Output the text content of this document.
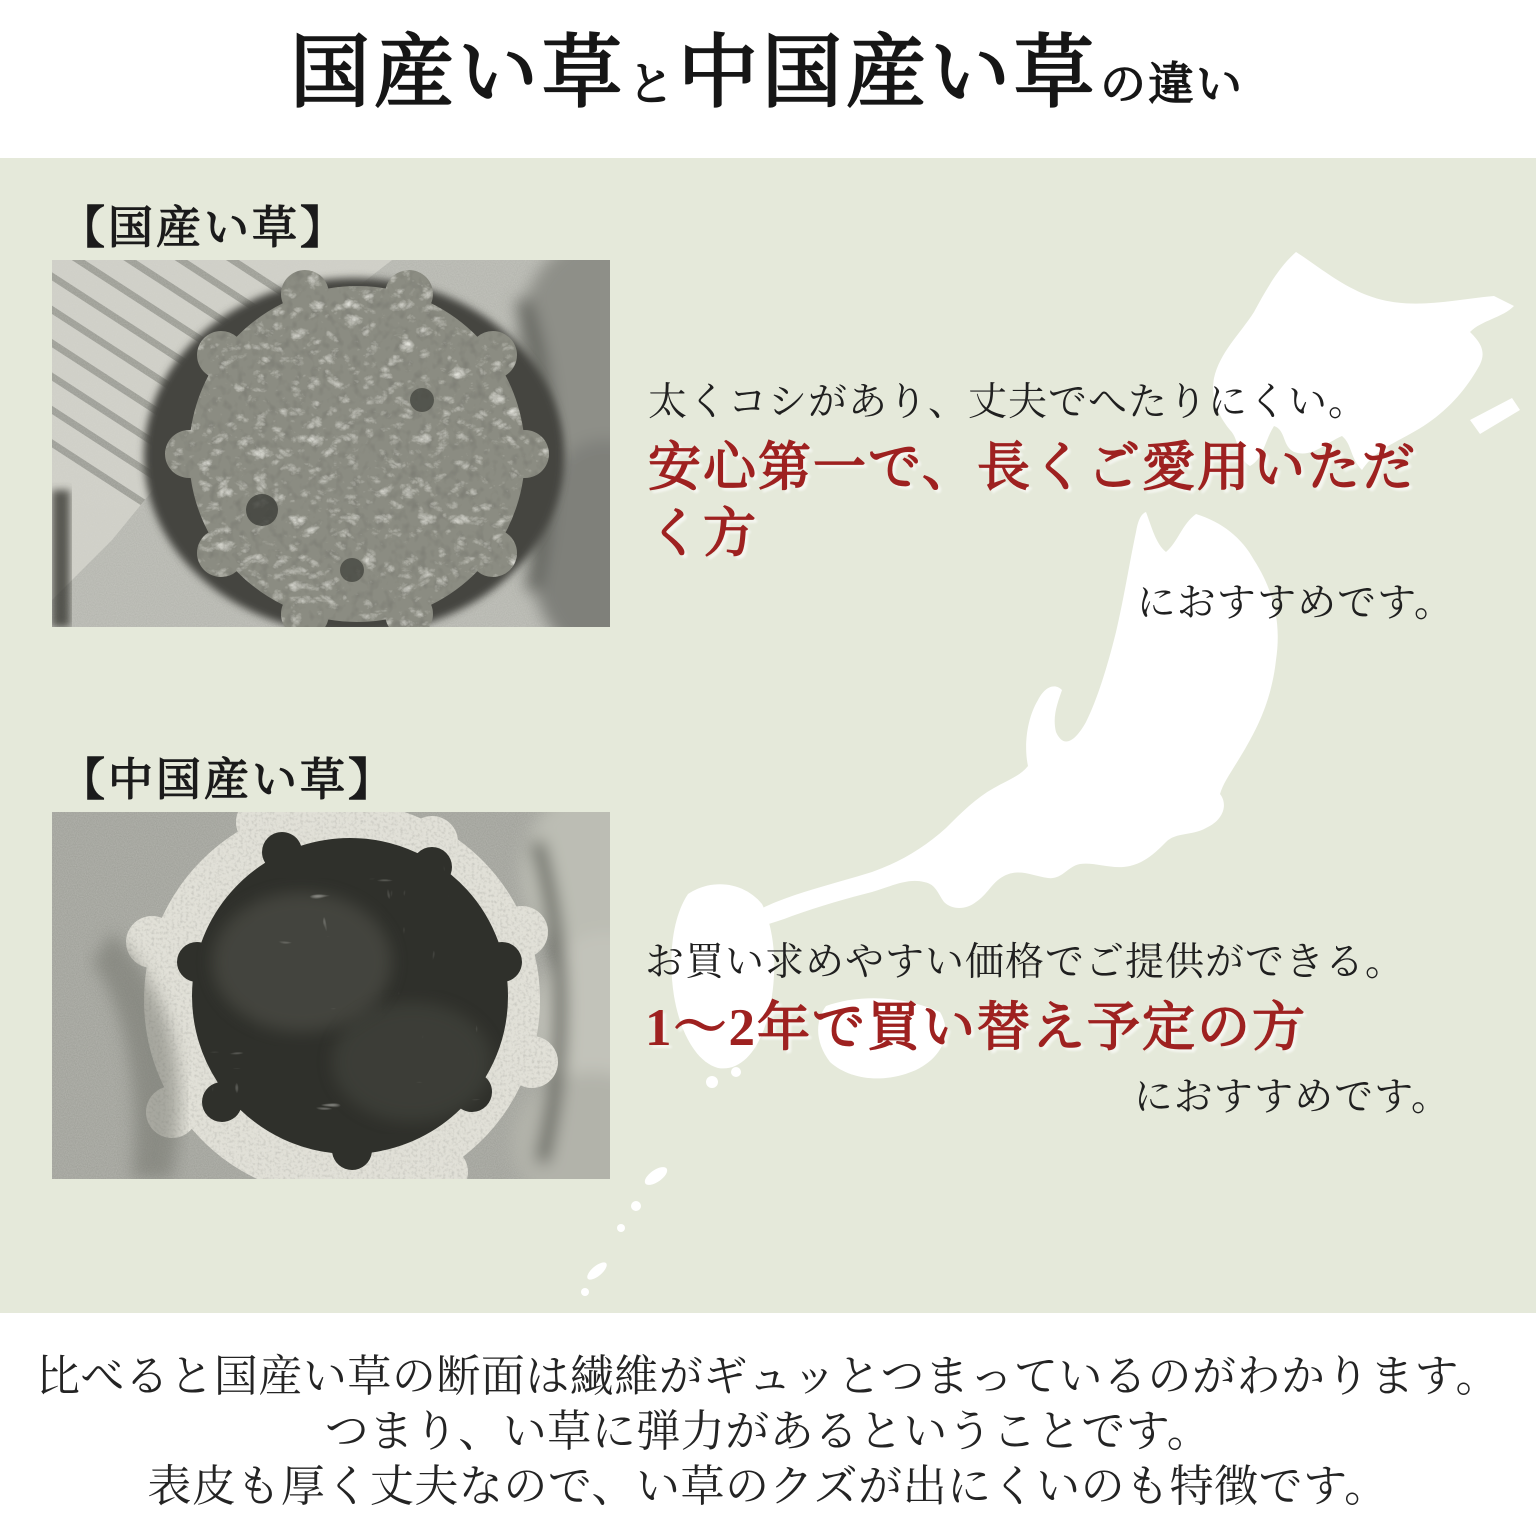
国産い草 と 中国産い草 の違い
【国産い草】
太くコシがあり、丈夫でへたりにくい。
安心第一で、長くご愛用いただく方
におすすめです。
【中国産い草】
お買い求めやすい価格でご提供ができる。
1〜2年で買い替え予定の方
におすすめです。
比べると国産い草の断面は繊維がギュッとつまっているのがわかります。
つまり、い草に弾力があるということです。
表皮も厚く丈夫なので、い草のクズが出にくいのも特徴です。
